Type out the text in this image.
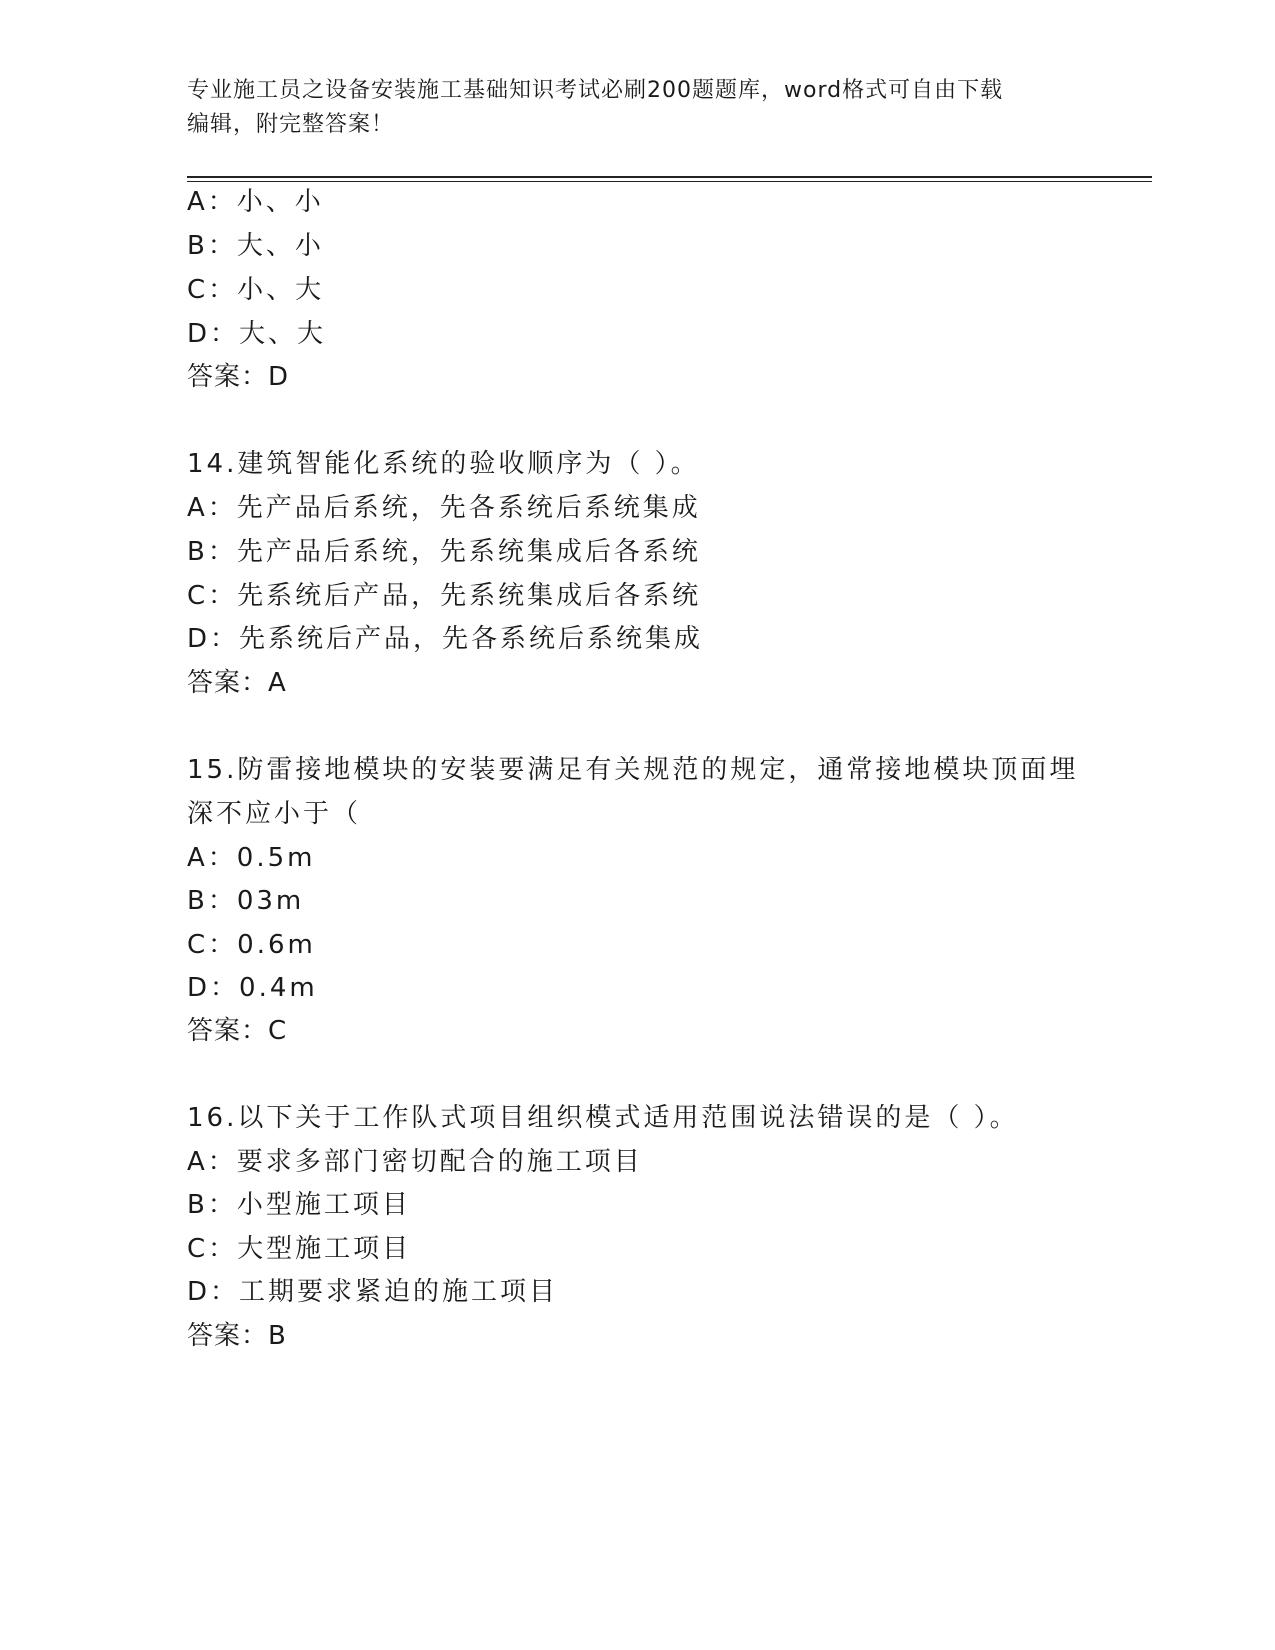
专业施工员之设备安装施工基础知识考试必刷200题题库，word格式可自由下载
编辑，附完整答案！
A：小、小
B：大、小
C：小、大
D：大、大
答案：D
14.建筑智能化系统的验收顺序为（ ）。
A：先产品后系统，先各系统后系统集成
B：先产品后系统，先系统集成后各系统
C：先系统后产品，先系统集成后各系统
D：先系统后产品，先各系统后系统集成
答案：A
15.防雷接地模块的安装要满足有关规范的规定，通常接地模块顶面埋
深不应小于（
A：0.5m
B：03m
C：0.6m
D：0.4m
答案：C
16.以下关于工作队式项目组织模式适用范围说法错误的是（ ）。
A：要求多部门密切配合的施工项目
B：小型施工项目
C：大型施工项目
D：工期要求紧迫的施工项目
答案：B
